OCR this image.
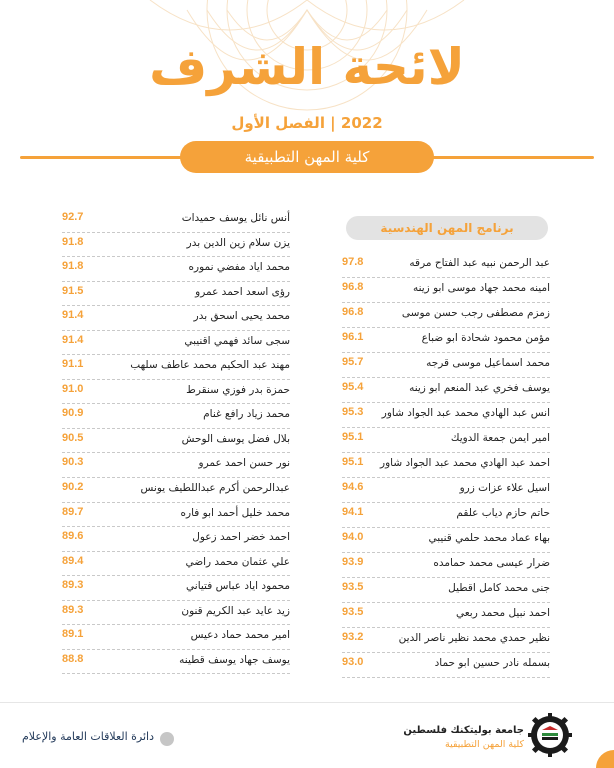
لائحة الشرف
2022 | الفصل الأول
كلية المهن التطبيقية
برنامج المهن الهندسية
عبد الرحمن نبيه عبد الفتاح مرقه
97.8
امينه محمد جهاد موسى ابو زينه
96.8
زمزم مصطفى رجب حسن موسى
96.8
مؤمن محمود شحادة ابو ضباع
96.1
محمد اسماعيل موسى قرجه
95.7
يوسف فخري عبد المنعم ابو زينه
95.4
انس عبد الهادي محمد عبد الجواد شاور
95.3
امير ايمن جمعة الدويك
95.1
احمد عبد الهادي محمد عبد الجواد شاور
95.1
اسيل علاء عزات زرو
94.6
حاتم حازم دياب علقم
94.1
بهاء عماد محمد حلمي قنيبي
94.0
ضرار عيسى محمد حمامده
93.9
جنى محمد كامل اقطيل
93.5
احمد نبيل محمد ربعي
93.5
نظير حمدي محمد نظير ناصر الدين
93.2
بسمله نادر حسين ابو حماد
93.0
أنس نائل يوسف حميدات
92.7
يزن سلام زين الدين بدر
91.8
محمد اياد مفضي نموره
91.8
رؤى اسعد احمد عمرو
91.5
محمد يحيى اسحق بدر
91.4
سجى سائد فهمي اقنيبي
91.4
مهند عبد الحكيم محمد عاطف سلهب
91.1
حمزة بدر فوزي سنقرط
91.0
محمد زياد رافع غنام
90.9
بلال فضل يوسف الوحش
90.5
نور حسن احمد عمرو
90.3
عبدالرحمن أكرم عبداللطيف يونس
90.2
محمد خليل أحمد ابو فاره
89.7
احمد خضر احمد زعول
89.6
علي عثمان محمد راضي
89.4
محمود اياد عباس فتياني
89.3
زيد عايد عبد الكريم قنون
89.3
امير محمد حماد دعيس
89.1
يوسف جهاد يوسف قطينه
88.8
دائرة العلاقات العامة والإعلام	جامعة بوليتكنك فلسطين
كلية المهن التطبيقية
